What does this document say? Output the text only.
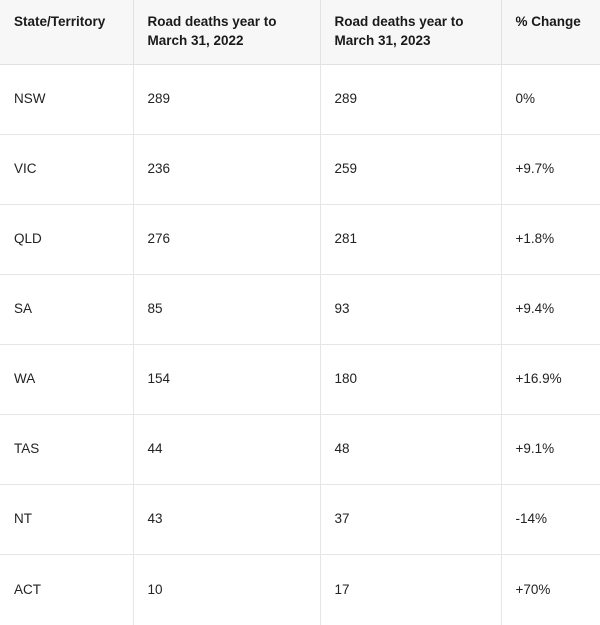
State/Territory	Road deaths year to March 31, 2022	Road deaths year to March 31, 2023	% Change
NSW	289	289	0%
VIC	236	259	+9.7%
QLD	276	281	+1.8%
SA	85	93	+9.4%
WA	154	180	+16.9%
TAS	44	48	+9.1%
NT	43	37	-14%
ACT	10	17	+70%
